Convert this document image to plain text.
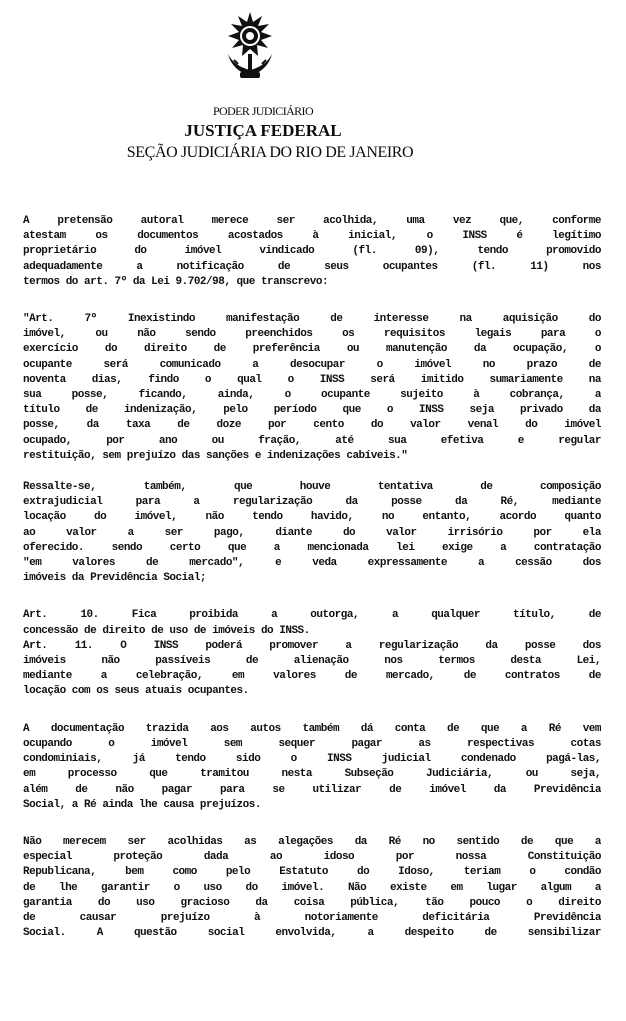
PODER JUDICIÁRIO
JUSTIÇA FEDERAL
SEÇÃO JUDICIÁRIA DO RIO DE JANEIRO
A pretensão autoral merece ser acolhida, uma vez que, conforme
atestam os documentos acostados à inicial, o INSS é legítimo
proprietário do imóvel vindicado (fl. 09), tendo promovido
adequadamente a notificação de seus ocupantes (fl. 11) nos
termos do art. 7º da Lei 9.702/98, que transcrevo:
"Art. 7º Inexistindo manifestação de interesse na aquisição do
imóvel, ou não sendo preenchidos os requisitos legais para o
exercício do direito de preferência ou manutenção da ocupação, o
ocupante será comunicado a desocupar o imóvel no prazo de
noventa dias, findo o qual o INSS será imitido sumariamente na
sua posse, ficando, ainda, o ocupante sujeito à cobrança, a
título de indenização, pelo período que o INSS seja privado da
posse, da taxa de doze por cento do valor venal do imóvel
ocupado, por ano ou fração, até sua efetiva e regular
restituição, sem prejuízo das sanções e indenizações cabíveis."
Ressalte-se, também, que houve tentativa de composição
extrajudicial para a regularização da posse da Ré, mediante
locação do imóvel, não tendo havido, no entanto, acordo quanto
ao valor a ser pago, diante do valor irrisório por ela
oferecido. sendo certo que a mencionada lei exige a contratação
"em valores de mercado", e veda expressamente a cessão dos
imóveis da Previdência Social;
Art. 10. Fica proibida a outorga, a qualquer título, de
concessão de direito de uso de imóveis do INSS.
Art. 11. O INSS poderá promover a regularização da posse dos
imóveis não passíveis de alienação nos termos desta Lei,
mediante a celebração, em valores de mercado, de contratos de
locação com os seus atuais ocupantes.
A documentação trazida aos autos também dá conta de que a Ré vem
ocupando o imóvel sem sequer pagar as respectivas cotas
condominiais, já tendo sido o INSS judicial condenado pagá-las,
em processo que tramitou nesta Subseção Judiciária, ou seja,
além de não pagar para se utilizar de imóvel da Previdência
Social, a Ré ainda lhe causa prejuízos.
Não merecem ser acolhidas as alegações da Ré no sentido de que a
especial proteção dada ao idoso por nossa Constituição
Republicana, bem como pelo Estatuto do Idoso, teriam o condão
de lhe garantir o uso do imóvel. Não existe em lugar algum a
garantia do uso gracioso da coisa pública, tão pouco o direito
de causar prejuízo à notoriamente deficitária Previdência
Social. A questão social envolvida, a despeito de sensibilizar
